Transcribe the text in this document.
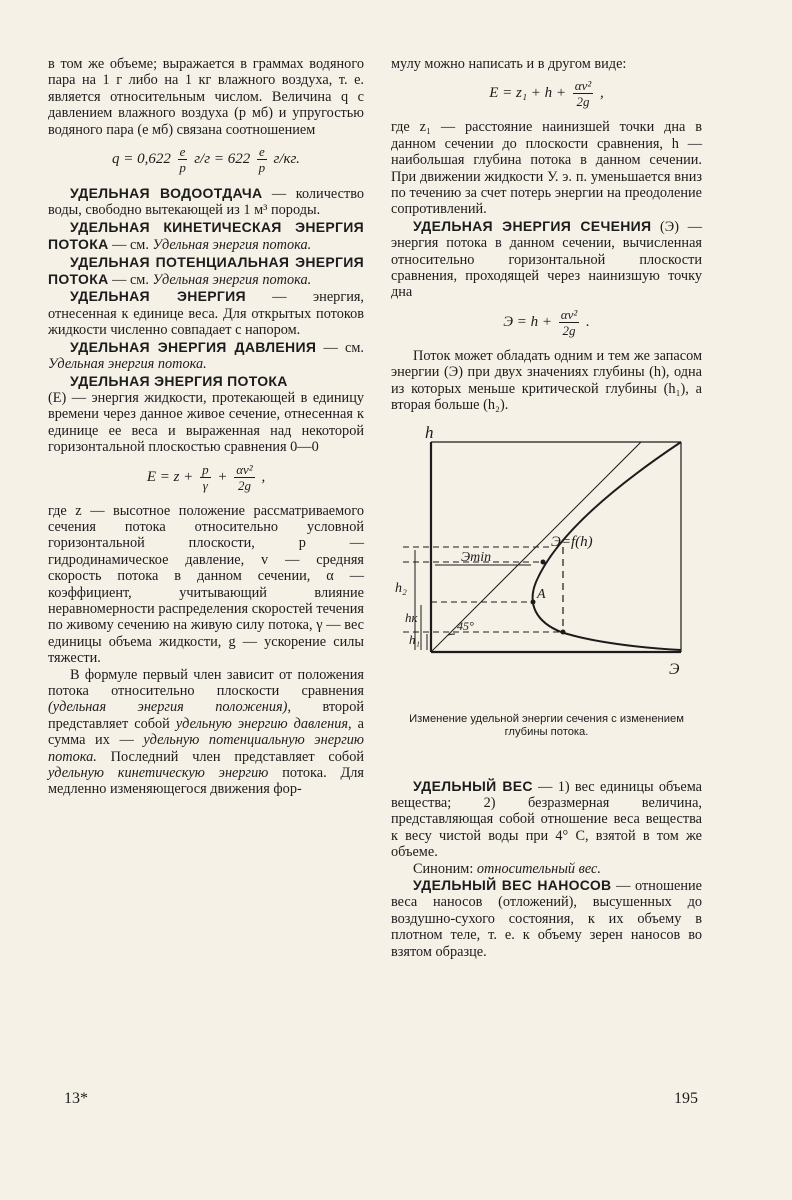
в том же объеме; выражается в граммах водяного пара на 1 г либо на 1 кг влажного воздуха, т. е. является относительным числом. Величина q с давлением влажного воздуха (p мб) и упругостью водяного пара (e мб) связана соотношением

$q = 0,622 \frac{e}{p} г/г = 622 \frac{e}{p} г/кг$.

УДЕЛЬНАЯ ВОДООТДАЧА — количество воды, свободно вытекающей из 1 м³ породы.

УДЕЛЬНАЯ КИНЕТИЧЕСКАЯ ЭНЕРГИЯ ПОТОКА — см. Удельная энергия потока.

УДЕЛЬНАЯ ПОТЕНЦИАЛЬНАЯ ЭНЕРГИЯ ПОТОКА — см. Удельная энергия потока.

УДЕЛЬНАЯ ЭНЕРГИЯ — энергия, отнесенная к единице веса. Для открытых потоков жидкости численно совпадает с напором.

УДЕЛЬНАЯ ЭНЕРГИЯ ДАВЛЕНИЯ — см. Удельная энергия потока.

УДЕЛЬНАЯ ЭНЕРГИЯ ПОТОКА

(E) — энергия жидкости, протекающей в единицу времени через данное живое сечение, отнесенная к единице ее веса и выраженная над некоторой горизонтальной плоскостью сравнения 0—0

$E = z + \frac{p}{\gamma} + \frac{\text{αv²}}{2g}$ ,

где z — высотное положение рассматриваемого сечения потока относительно условной горизонтальной плоскости, p — гидродинамическое давление, v — средняя скорость потока в данном сечении, α — коэффициент, учитывающий влияние неравномерности распределения скоростей течения по живому сечению на живую силу потока, γ — вес единицы объема жидкости, g — ускорение силы тяжести.

В формуле первый член зависит от положения потока относительно плоскости сравнения (удельная энергия положения), второй представляет собой удельную энергию давления, а сумма их — удельную потенциальную энергию потока. Последний член представляет собой удельную кинетическую энергию потока. Для медленно изменяющегося движения фор-

мулу можно написать и в другом виде:

$E = z_1 + h + \frac{\text{αv²}}{2g}$ ,

где z₁ — расстояние наинизшей точки дна в данном сечении до плоскости сравнения, h — наибольшая глубина потока в данном сечении. При движении жидкости У. э. п. уменьшается вниз по течению за счет потерь энергии на преодоление сопротивлений.

УДЕЛЬНАЯ ЭНЕРГИЯ СЕЧЕНИЯ (Э) — энергия потока в данном сечении, вычисленная относительно горизонтальной плоскости сравнения, проходящей через наинизшую точку дна

$Э = h + \frac{\text{αv²}}{2g}$ .

Поток может обладать одним и тем же запасом энергии (Э) при двух значениях глубины (h), одна из которых меньше критической глубины (h₁), а вторая больше (h₂).

h
Э
Э=f(h)
Эmin
A
45°
h₂
hк
h₁
Изменение удельной энергии сечения с изменением глубины потока.

УДЕЛЬНЫЙ ВЕС — 1) вес единицы объема вещества; 2) безразмерная величина, представляющая собой отношение веса вещества к весу чистой воды при 4° С, взятой в том же объеме.

Синоним: относительный вес.

УДЕЛЬНЫЙ ВЕС НАНОСОВ — отношение веса наносов (отложений), высушенных до воздушно-сухого состояния, к их объему в плотном теле, т. е. к объему зерен наносов во взятом образце.

13*	195
